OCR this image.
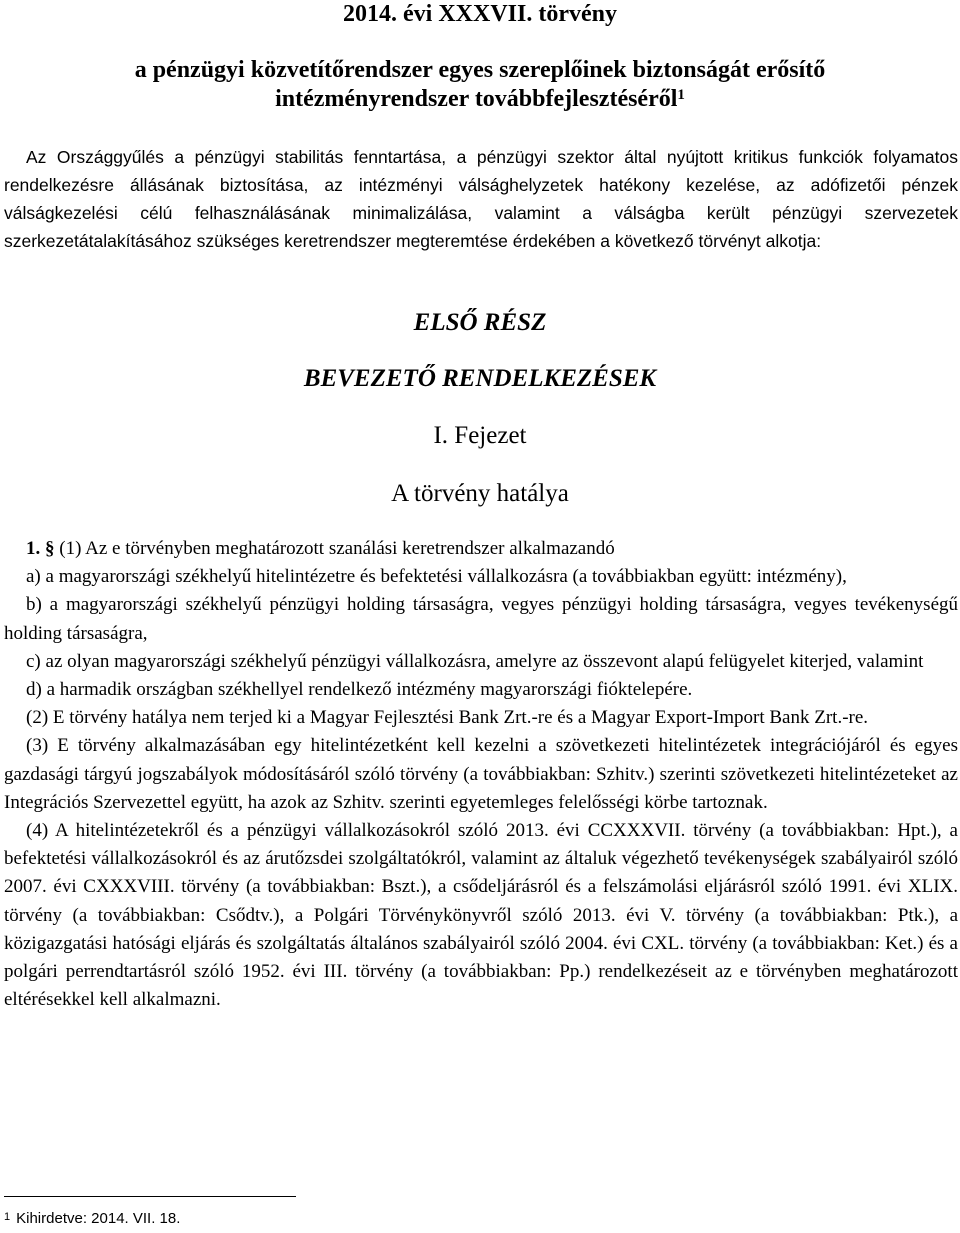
2014. évi XXXVII. törvény
a pénzügyi közvetítőrendszer egyes szereplőinek biztonságát erősítő
intézményrendszer továbbfejlesztéséről$^1$
Az Országgyűlés a pénzügyi stabilitás fenntartása, a pénzügyi szektor által nyújtott kritikus funkciók folyamatos rendelkezésre állásának biztosítása, az intézményi válsághelyzetek hatékony kezelése, az adófizetői pénzek válságkezelési célú felhasználásának minimalizálása, valamint a válságba került pénzügyi szervezetek szerkezetátalakításához szükséges keretrendszer megteremtése érdekében a következő törvényt alkotja:
ELSŐ RÉSZ
BEVEZETŐ RENDELKEZÉSEK
I. Fejezet
A törvény hatálya

1. § (1) Az e törvényben meghatározott szanálási keretrendszer alkalmazandó

a) a magyarországi székhelyű hitelintézetre és befektetési vállalkozásra (a továbbiakban együtt: intézmény),

b) a magyarországi székhelyű pénzügyi holding társaságra, vegyes pénzügyi holding társaságra, vegyes tevékenységű holding társaságra,

c) az olyan magyarországi székhelyű pénzügyi vállalkozásra, amelyre az összevont alapú felügyelet kiterjed, valamint

d) a harmadik országban székhellyel rendelkező intézmény magyarországi fióktelepére.

(2) E törvény hatálya nem terjed ki a Magyar Fejlesztési Bank Zrt.-re és a Magyar Export-Import Bank Zrt.-re.

(3) E törvény alkalmazásában egy hitelintézetként kell kezelni a szövetkezeti hitelintézetek integrációjáról és egyes gazdasági tárgyú jogszabályok módosításáról szóló törvény (a továbbiakban: Szhitv.) szerinti szövetkezeti hitelintézeteket az Integrációs Szervezettel együtt, ha azok az Szhitv. szerinti egyetemleges felelősségi körbe tartoznak.

(4) A hitelintézetekről és a pénzügyi vállalkozásokról szóló 2013. évi CCXXXVII. törvény (a továbbiakban: Hpt.), a befektetési vállalkozásokról és az árutőzsdei szolgáltatókról, valamint az általuk végezhető tevékenységek szabályairól szóló 2007. évi CXXXVIII. törvény (a továbbiakban: Bszt.), a csődeljárásról és a felszámolási eljárásról szóló 1991. évi XLIX. törvény (a továbbiakban: Csődtv.), a Polgári Törvénykönyvről szóló 2013. évi V. törvény (a továbbiakban: Ptk.), a közigazgatási hatósági eljárás és szolgáltatás általános szabályairól szóló 2004. évi CXL. törvény (a továbbiakban: Ket.) és a polgári perrendtartásról szóló 1952. évi III. törvény (a továbbiakban: Pp.) rendelkezéseit az e törvényben meghatározott eltérésekkel kell alkalmazni.

$^1$ Kihirdetve: 2014. VII. 18.
